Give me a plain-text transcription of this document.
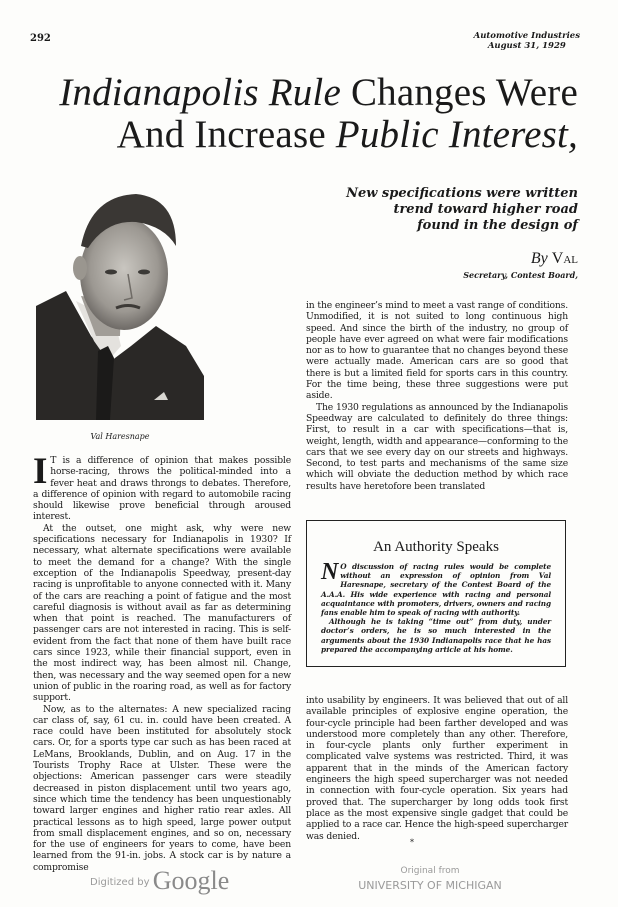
292	Automotive Industries
August 31, 1929
Indianapolis Rule Changes Were
And Increase Public Interest,
New specifications were written
trend toward higher road
found in the design of
By Val
Secretary, Contest Board,
Val Haresnape

I T is a difference of opinion that makes possible horse-racing, throws the political-minded into a fever heat and draws throngs to debates. Therefore, a difference of opinion with regard to automobile racing should likewise prove beneficial through aroused interest.

At the outset, one might ask, why were new specifications necessary for Indianapolis in 1930? If necessary, what alternate specifications were available to meet the demand for a change? With the single exception of the Indianapolis Speedway, present-day racing is unprofitable to anyone connected with it. Many of the cars are reaching a point of fatigue and the most careful diagnosis is without avail as far as determining when that point is reached. The manufacturers of passenger cars are not interested in racing. This is self-evident from the fact that none of them have built race cars since 1923, while their financial support, even in the most indirect way, has been almost nil. Change, then, was necessary and the way seemed open for a new union of public in the roaring road, as well as for factory support.

Now, as to the alternates: A new specialized racing car class of, say, 61 cu. in. could have been created. A race could have been instituted for absolutely stock cars. Or, for a sports type car such as has been raced at LeMans, Brooklands, Dublin, and on Aug. 17 in the Tourists Trophy Race at Ulster. These were the objections: American passenger cars were steadily decreased in piston displacement until two years ago, since which time the tendency has been unquestionably toward larger engines and higher ratio rear axles. All practical lessons as to high speed, large power output from small displacement engines, and so on, necessary for the use of engineers for years to come, have been learned from the 91-in. jobs. A stock car is by nature a compromise

in the engineer’s mind to meet a vast range of conditions. Unmodified, it is not suited to long continuous high speed. And since the birth of the industry, no group of people have ever agreed on what were fair modifications nor as to how to guarantee that no changes beyond these were actually made. American cars are so good that there is but a limited field for sports cars in this country. For the time being, these three suggestions were put aside.

The 1930 regulations as announced by the Indianapolis Speedway are calculated to definitely do three things: First, to result in a car with specifications—that is, weight, length, width and appearance—conforming to the cars that we see every day on our streets and highways. Second, to test parts and mechanisms of the same size which will obviate the deduction method by which race results have heretofore been translated

An Authority Speaks

N O discussion of racing rules would be complete without an expression of opinion from Val Haresnape, secretary of the Contest Board of the A.A.A. His wide experience with racing and personal acquaintance with promoters, drivers, owners and racing fans enable him to speak of racing with authority.

Although he is taking “time out” from duty, under doctor’s orders, he is so much interested in the arguments about the 1930 Indianapolis race that he has prepared the accompanying article at his home.

into usability by engineers. It was believed that out of all available principles of explosive engine operation, the four-cycle principle had been farther developed and was understood more completely than any other. Therefore, in four-cycle plants only further experiment in complicated valve systems was restricted. Third, it was apparent that in the minds of the American factory engineers the high speed supercharger was not needed in connection with four-cycle operation. Six years had proved that. The supercharger by long odds took first place as the most expensive single gadget that could be applied to a race car. Hence the high-speed supercharger was denied.

*
Digitized by Google	Original from
UNIVERSITY OF MICHIGAN
